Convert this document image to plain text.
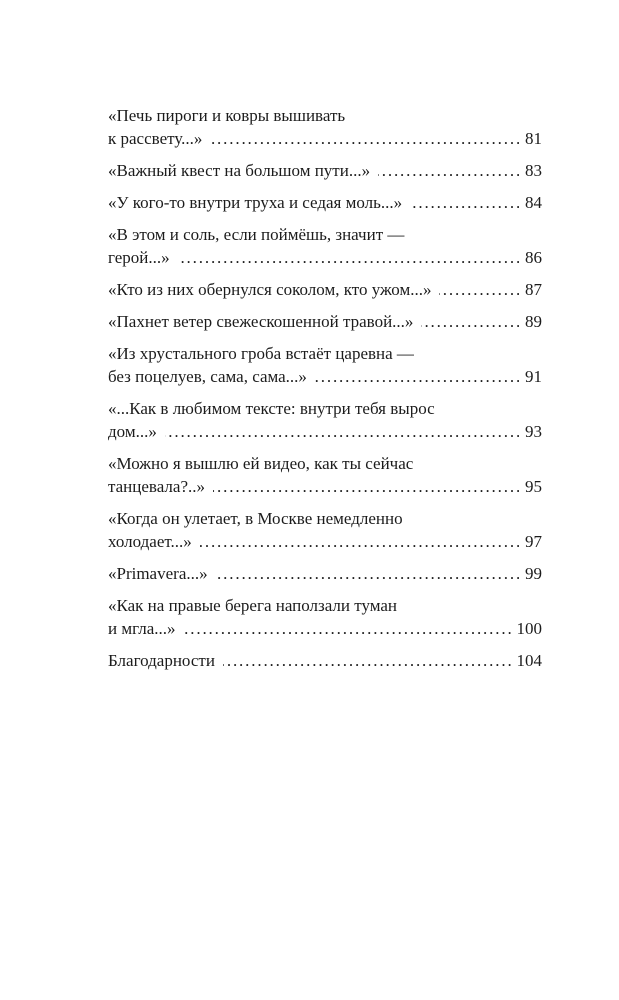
«Печь пироги и ковры вышивать
к рассвету...» . . .	81
«Важный квест на большом пути...» . . .	83
«У кого-то внутри труха и седая моль...» . . .	84
«В этом и соль, если поймёшь, значит —
герой...» . . .	86
«Кто из них обернулся соколом, кто ужом...» . . .	87
«Пахнет ветер свежескошенной травой...» . . .	89
«Из хрустального гроба встаёт царевна —
без поцелуев, сама, сама...» . . .	91
«...Как в любимом тексте: внутри тебя вырос
дом...» . . .	93
«Можно я вышлю ей видео, как ты сейчас
танцевала?..» . . .	95
«Когда он улетает, в Москве немедленно
холодает...» . . .	97
«Primavera...» . . .	99
«Как на правые берега наползали туман
и мгла...» . . .	100
Благодарности . . .	104
